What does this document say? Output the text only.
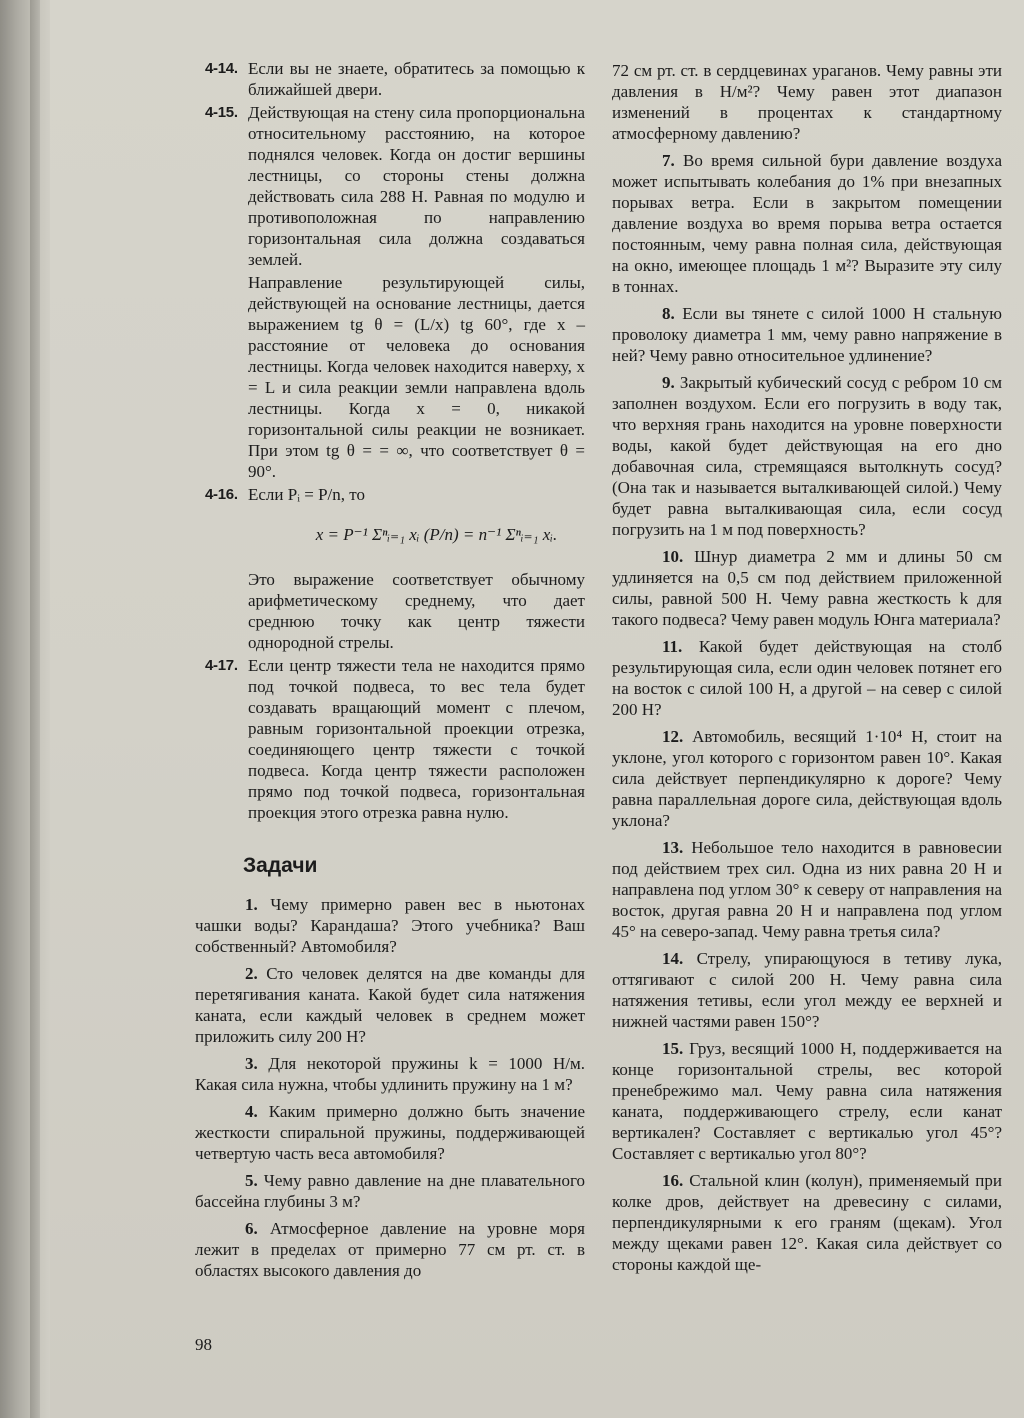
4-14. Если вы не знаете, обратитесь за помощью к ближайшей двери.

4-15. Действующая на стену сила пропорциональна относительному расстоянию, на которое поднялся человек. Когда он достиг вершины лестницы, со стороны стены должна действовать сила 288 Н. Равная по модулю и противоположная по направлению горизонтальная сила должна создаваться землей.

Направление результирующей силы, действующей на основание лестницы, дается выражением tg θ = (L/x) tg 60°, где x – расстояние от человека до основания лестницы. Когда человек находится наверху, x = L и сила реакции земли направлена вдоль лестницы. Когда x = 0, никакой горизонтальной силы реакции не возникает. При этом tg θ = = ∞, что соответствует θ = 90°.

4-16. Если Pᵢ = P/n, то

x = P⁻¹ Σⁿᵢ₌₁ xᵢ (P/n) = n⁻¹ Σⁿᵢ₌₁ xᵢ.

Это выражение соответствует обычному арифметическому среднему, что дает среднюю точку как центр тяжести однородной стрелы.

4-17. Если центр тяжести тела не находится прямо под точкой подвеса, то вес тела будет создавать вращающий момент с плечом, равным горизонтальной проекции отрезка, соединяющего центр тяжести с точкой подвеса. Когда центр тяжести расположен прямо под точкой подвеса, горизонтальная проекция этого отрезка равна нулю.

Задачи

1. Чему примерно равен вес в ньютонах чашки воды? Карандаша? Этого учебника? Ваш собственный? Автомобиля?

2. Сто человек делятся на две команды для перетягивания каната. Какой будет сила натяжения каната, если каждый человек в среднем может приложить силу 200 Н?

3. Для некоторой пружины k = 1000 Н/м. Какая сила нужна, чтобы удлинить пружину на 1 м?

4. Каким примерно должно быть значение жесткости спиральной пружины, поддерживающей четвертую часть веса автомобиля?

5. Чему равно давление на дне плавательного бассейна глубины 3 м?

6. Атмосферное давление на уровне моря лежит в пределах от примерно 77 см рт. ст. в областях высокого давления до

72 см рт. ст. в сердцевинах ураганов. Чему равны эти давления в Н/м²? Чему равен этот диапазон изменений в процентах к стандартному атмосферному давлению?

7. Во время сильной бури давление воздуха может испытывать колебания до 1% при внезапных порывах ветра. Если в закрытом помещении давление воздуха во время порыва ветра остается постоянным, чему равна полная сила, действующая на окно, имеющее площадь 1 м²? Выразите эту силу в тоннах.

8. Если вы тянете с силой 1000 Н стальную проволоку диаметра 1 мм, чему равно напряжение в ней? Чему равно относительное удлинение?

9. Закрытый кубический сосуд с ребром 10 см заполнен воздухом. Если его погрузить в воду так, что верхняя грань находится на уровне поверхности воды, какой будет действующая на его дно добавочная сила, стремящаяся вытолкнуть сосуд? (Она так и называется выталкивающей силой.) Чему будет равна выталкивающая сила, если сосуд погрузить на 1 м под поверхность?

10. Шнур диаметра 2 мм и длины 50 см удлиняется на 0,5 см под действием приложенной силы, равной 500 Н. Чему равна жесткость k для такого подвеса? Чему равен модуль Юнга материала?

11. Какой будет действующая на столб результирующая сила, если один человек потянет его на восток с силой 100 Н, а другой – на север с силой 200 Н?

12. Автомобиль, весящий 1·10⁴ Н, стоит на уклоне, угол которого с горизонтом равен 10°. Какая сила действует перпендикулярно к дороге? Чему равна параллельная дороге сила, действующая вдоль уклона?

13. Небольшое тело находится в равновесии под действием трех сил. Одна из них равна 20 Н и направлена под углом 30° к северу от направления на восток, другая равна 20 Н и направлена под углом 45° на северо-запад. Чему равна третья сила?

14. Стрелу, упирающуюся в тетиву лука, оттягивают с силой 200 Н. Чему равна сила натяжения тетивы, если угол между ее верхней и нижней частями равен 150°?

15. Груз, весящий 1000 Н, поддерживается на конце горизонтальной стрелы, вес которой пренебрежимо мал. Чему равна сила натяжения каната, поддерживающего стрелу, если канат вертикален? Составляет с вертикалью угол 45°? Составляет с вертикалью угол 80°?

16. Стальной клин (колун), применяемый при колке дров, действует на древесину с силами, перпендикулярными к его граням (щекам). Угол между щеками равен 12°. Какая сила действует со стороны каждой ще-

98
